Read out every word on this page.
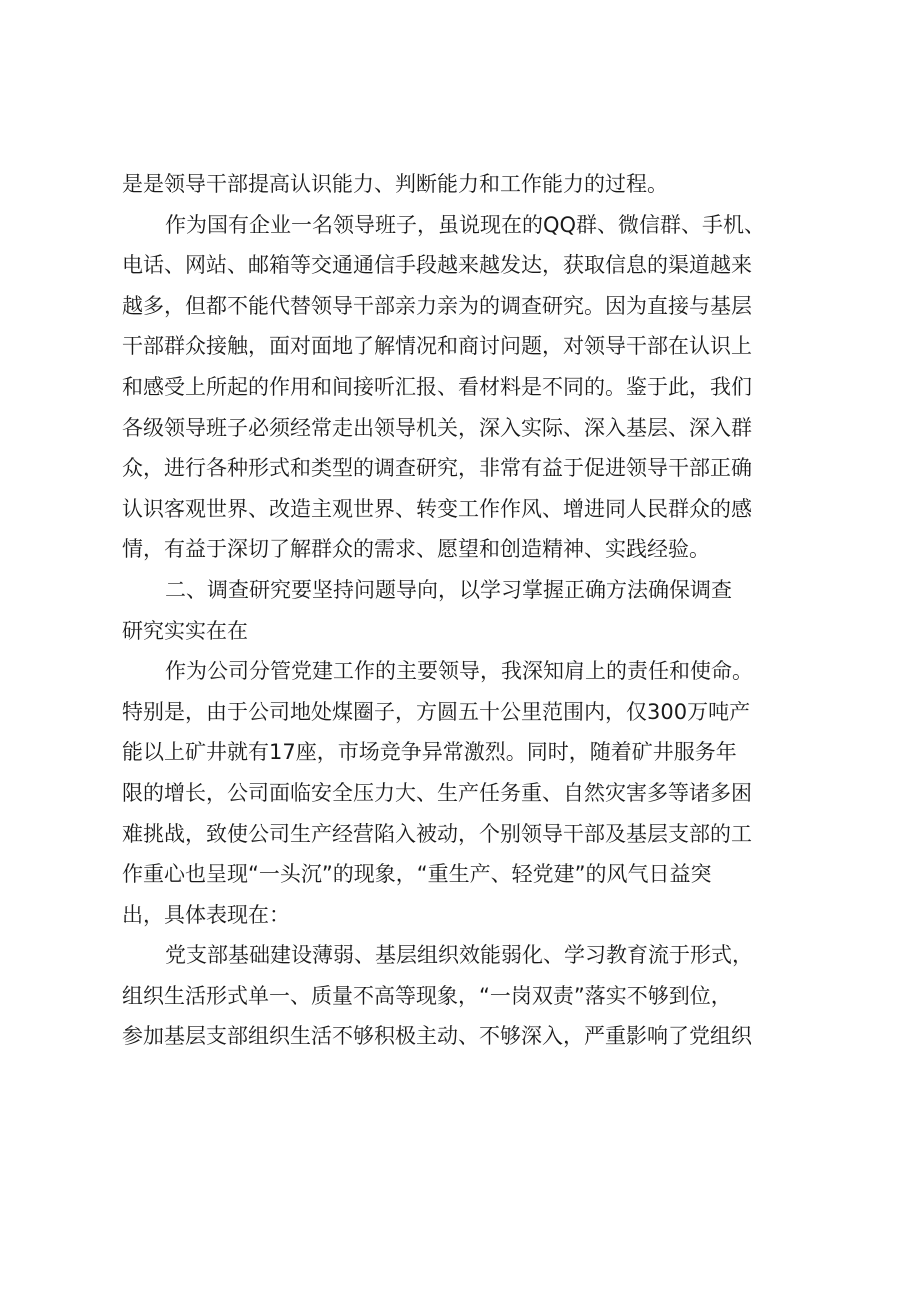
是是领导干部提高认识能力、判断能力和工作能力的过程。
作为国有企业一名领导班子，虽说现在的QQ群、微信群、手机、
电话、网站、邮箱等交通通信手段越来越发达，获取信息的渠道越来
越多，但都不能代替领导干部亲力亲为的调查研究。因为直接与基层
干部群众接触，面对面地了解情况和商讨问题，对领导干部在认识上
和感受上所起的作用和间接听汇报、看材料是不同的。鉴于此，我们
各级领导班子必须经常走出领导机关，深入实际、深入基层、深入群
众，进行各种形式和类型的调查研究，非常有益于促进领导干部正确
认识客观世界、改造主观世界、转变工作作风、增进同人民群众的感
情，有益于深切了解群众的需求、愿望和创造精神、实践经验。
二、调查研究要坚持问题导向，以学习掌握正确方法确保调查
研究实实在在
作为公司分管党建工作的主要领导，我深知肩上的责任和使命。
特别是，由于公司地处煤圈子，方圆五十公里范围内，仅300万吨产
能以上矿井就有17座，市场竞争异常激烈。同时，随着矿井服务年
限的增长，公司面临安全压力大、生产任务重、自然灾害多等诸多困
难挑战，致使公司生产经营陷入被动，个别领导干部及基层支部的工
作重心也呈现“一头沉”的现象，“重生产、轻党建”的风气日益突
出，具体表现在：
党支部基础建设薄弱、基层组织效能弱化、学习教育流于形式，
组织生活形式单一、质量不高等现象，“一岗双责”落实不够到位，
参加基层支部组织生活不够积极主动、不够深入，严重影响了党组织
